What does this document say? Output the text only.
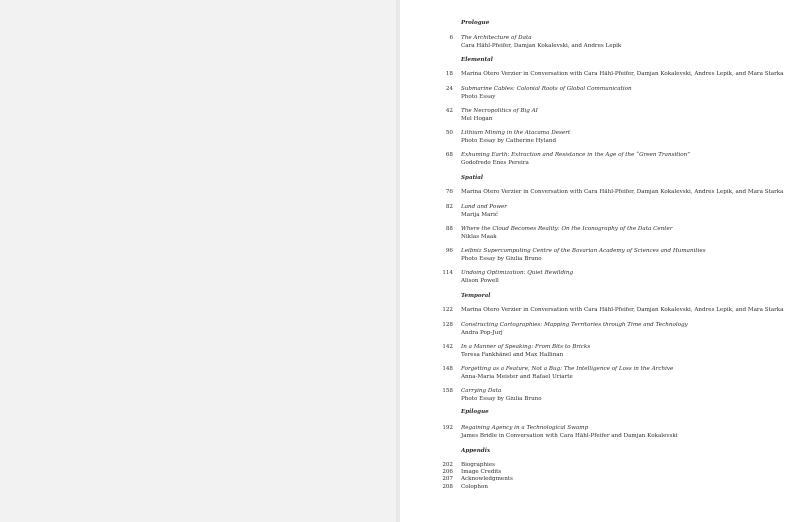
Prologue
6 The Architecture of Data
Cara Hähl-Pfeifer, Damjan Kokalevski, and Andres Lepik
Elemental
18 Marina Otero Verzier in Conversation with Cara Hähl-Pfeifer, Damjan Kokalevski, Andres Lepik, and Mara Starka
24 Submarine Cables: Colonial Roots of Global Communication
Photo Essay
42 The Necropolitics of Big AI
Mel Hogan
50 Lithium Mining in the Atacama Desert
Photo Essay by Catherine Hyland
68 Exhuming Earth: Extraction and Resistance in the Age of the “Green Transition”
Godofredo Enes Pereira
Spatial
76 Marina Otero Verzier in Conversation with Cara Hähl-Pfeifer, Damjan Kokalevski, Andres Lepik, and Mara Starka
82 Land and Power
Marija Marić
88 Where the Cloud Becomes Reality: On the Iconography of the Data Center
Niklas Maak
96 Leibniz Supercomputing Centre of the Bavarian Academy of Sciences and Humanities
Photo Essay by Giulia Bruno
114 Undoing Optimization: Quiet Rewilding
Alison Powell
Temporal
122 Marina Otero Verzier in Conversation with Cara Hähl-Pfeifer, Damjan Kokalevski, Andres Lepik, and Mara Starka
128 Constructing Cartographies: Mapping Territories through Time and Technology
Andra Pop-Jurj
142 In a Manner of Speaking: From Bits to Bricks
Teresa Fankhänel and Max Hallinan
148 Forgetting as a Feature, Not a Bug: The Intelligence of Loss in the Archive
Anna-Maria Meister and Rafael Uriarte
158 Carrying Data
Photo Essay by Giulia Bruno
Epilogue
192 Regaining Agency in a Technological Swamp
James Bridle in Conversation with Cara Hähl-Pfeifer and Damjan Kokalevski
Appendix
202 Biographies
206 Image Credits
207 Acknowledgments
208 Colophon
